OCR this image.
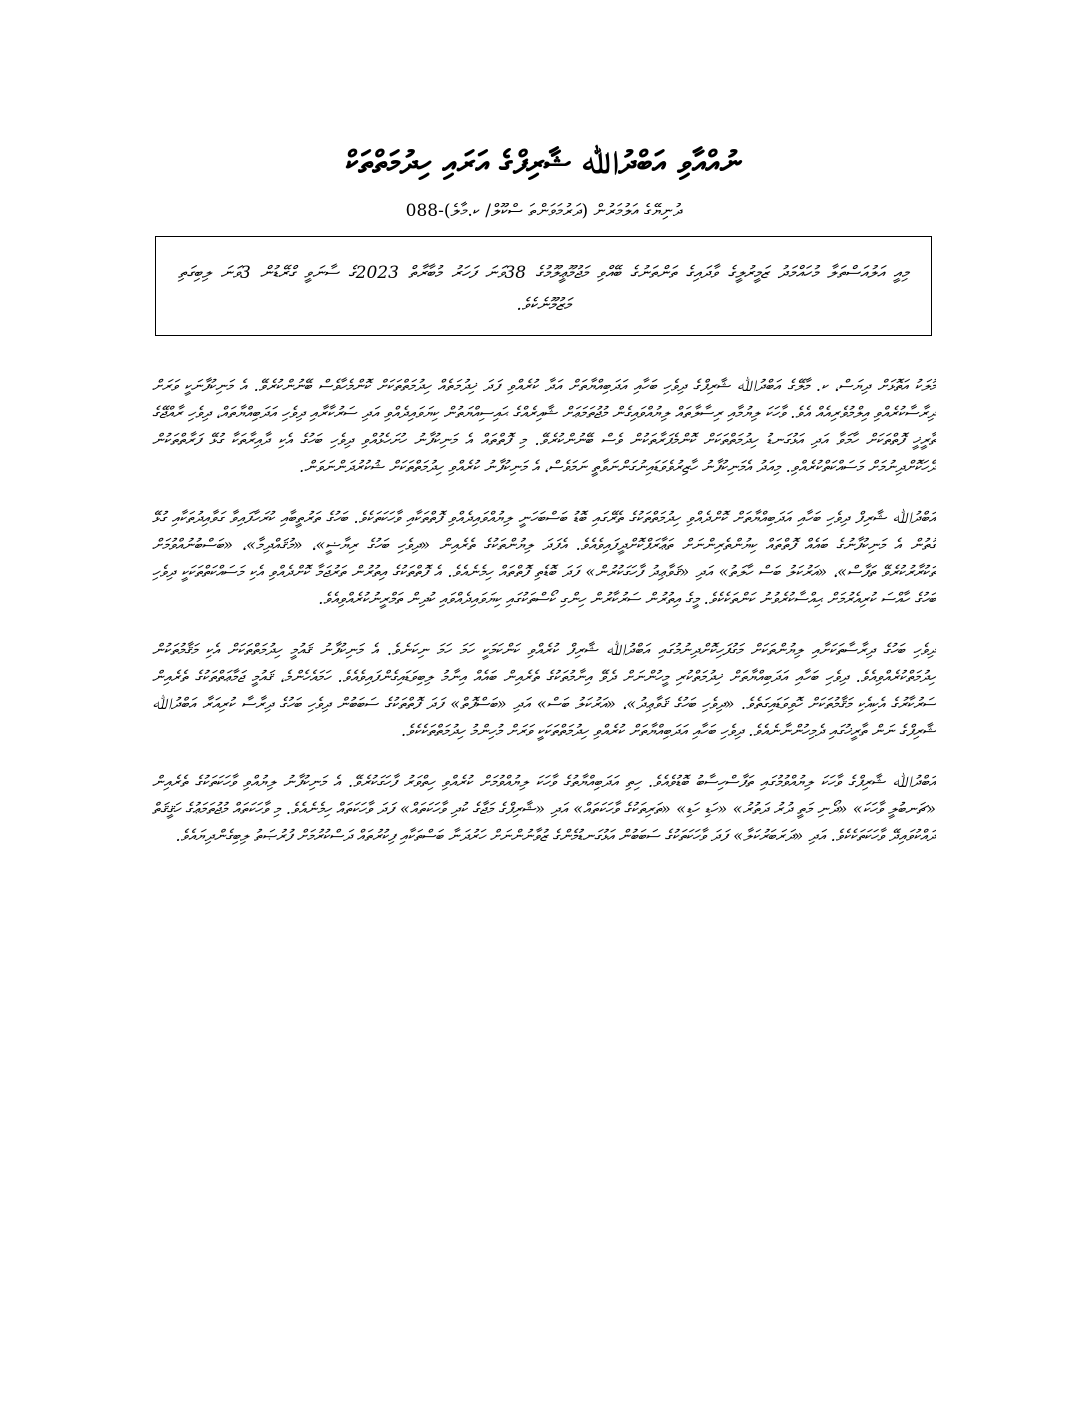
ނުއްއާވި އަބްދުﷲ ޝާރިފްގެ އަރައި ހިދުމަތްތަކް
ދުނިޔޭގެ އަލުމަރުން (ދަރުމަވަންތަ ސްކޫލް/ ކ.މާލެ)-088
މިއީ އަލުއަސްތަލާ މުހައްމަދު ޒަމީރުލީގެ ވާދައިގެ ތަންތަނުގެ ބޭއްވި މަޖުމޫޢީލޫމުގެ 38ވަނަ ފަހަރު މުބާރާތް 2023ގެ ސާނަވީ ގްރޭޑުން 3ވަނަ ލިބިގަތި މަޒުމޫނެކެވެ.

މުލަކު އަތޮޅަށް ދިޔަސް، ކ. މާލޭގެ އަބްދުﷲ ޝާރިފްގެ ދިވެހި ބަހާއި އަދަބިއްޔާތަށް އަދާ ކުރެއްވި ފަދަ ޚިދުމަތެއް ހިދުމަތްތަކަށް ކޮންމެހާވެސް ބޭނުންކުރެވޭ. އެ މަނިކުފާނަކީ ވަރަށް ދިރާސާކުރެއްވި އިލްމުވެރިއެއް އެވެ. ވާހަކަ ލިޔުމާއި ރިސާލާތައް ލިޔުއްވައިގެން މުޖުތަމަޢަށް ޝާއިރެއްގެ ޙައިސިއްޔަތުން ކިޔަވައިދެއްވި އަދި ސަރުކާރާއި ދިވެހި އަދަބިއްޔާތައް، ދިވެހި ރާއްޖޭގެ ތާރީޚީ ފޮތްތަކަށް ހާމަވާ އަދި އަޅުގަނޑު ހިދުމަތްތަކަށް ކޮންމެފަރާތަކުން ވެސް ބޭނުންކުރެވޭ. މި ފޮތްތައް އެ މަނިކުފާނު ހުށަހެޅުއްވި ދިވެހި ބަހުގެ އެކި ދާއިރާތަކާ ގުޅޭ ފަރާތްތަކުން ދޭހަކޮށްދިނުމަށް މަސައްކަތްކުރެއްވި. މިއަދު އެމަނިކުފާނު ހާޒިރުވެވަޑައިނުގަންނަވާތީ ނަމަވެސް، އެ މަނިކުފާނު ކުރެއްވި ހިދުމަތްތަކަށް ޝުކުރުދަންނަވަން.

އަބްދުﷲ ޝާރިފް ދިވެހި ބަހާއި އަދަބިއްޔާތަށް ކޮށްދެއްވި ހިދުމަތްތަކުގެ ތެރޭގައި ބޮޑު ބަސްބަހަނީ ލިޔުއްވައިދެއްވި ފޮތްތަކާއި ވާހަކަތަކެވެ. ބަހުގެ ތަރުތީބާއި ކުރަހާފައިވާ ގަވާއިދުތަކާއި ގުޅޭ ގޮތުން އެ މަނިކުފާނުގެ ބައެއް ފޮތްތައް ކިޔުންތެރިންނަށް ތަޢާރަފްކޮށްދީފައިވެއެވެ. އެފަދަ ލިޔުންތަކުގެ ތެރެއިން «ދިވެހި ބަހުގެ ރިޔާޟީ»، «މުޤައްދިމާ»، «ބަސްބުނުއްވުމަށް ތަކުރާރުކުރެވޭ ތަފާސް»، «އަރުކަލު ބަސް ހާލަތު» އަދި «ޤަވާޢިދު ފާހަގަކުރުން» ފަދަ ބޮޑެތި ފޮތްތައް ހިމެނެއެވެ. އެ ފޮތްތަކުގެ އިތުރުން ތަރުޖަމާ ކޮށްދެއްވި އެކި މަސައްކަތްތަކަކީ ދިވެހި ބަހުގެ ހާއްސަ ކުރިއެރުމަށް ޙިއްސާކުރެވުނު ކަންތަކެކެވެ. މީގެ އިތުރުން ސަރުކާރުން ހިންގި ކޯސްތަކުގައި ކިޔަވައިދެއްވައި ކުދިން ތަމްރީނުކުރެއްވިއެވެ.

ދިވެހި ބަހުގެ ދިރާސާތަކަށާއި ލިޔުންތަކަށް މަގުފަހިކޮށްދިނުމުގައި އަބްދުﷲ ޝާރިފް ކުރެއްވި ކަންކަމަކީ ހަމަ ހަމަ ނިކަނެވެ. އެ މަނިކުފާނު ޤައުމީ ހިދުމަތްތަކަށް އެކި މަޤާމުތަކުން ހިދުމަތްކުރެއްވިއެވެ. ދިވެހި ބަހާއި އަދަބިއްޔާތަށް ޚިދުމަތްކުރި މީހުންނަށް ދެވޭ އިނާމުތަކުގެ ތެރެއިން ބައެއް އިނާމު ލިބިވަޑައިގެންފައިވެއެވެ. ހަމައެހެންމެ، ޤައުމީ ޖަމާޢަތްތަކުގެ ތެރެއިން ސަރުކާރުގެ އެކިއެކި މަޤާމުތަކަށް ހޮވިވަޑައިގަތެވެ. «ދިވެހި ބަހުގެ ޤަވާޢިދު»، «އަރުކަލު ބަސް» އަދި «ބަސްފޮތް» ފަދަ ފޮތްތަކުގެ ސަބަބުން ދިވެހި ބަހުގެ ދިރާސާ ކުރިއަރާ އަބްދުﷲ ޝާރިފްގެ ނަން ތާރީޚުގައި ދެމިހުންނާނެއެވެ. ދިވެހި ބަހާއި އަދަބިއްޔާތަށް ކުރެއްވި ހިދުމަތްތަކަކީ ވަރަށް މުހިންމު ހިދުމަތްތަކެކެވެ.

އަބްދުﷲ ޝާރިފްގެ ވާހަކަ ލިޔުއްވުމުގައި ތަފާސްހިސާބު ބޮޑުވެއެވެ. ހިތި އަދަބިއްޔާތުގެ ވާހަކަ ލިޔުއްވުމަށް ކުރެއްވި ހިތްވަރު ފާހަގަކުރެވޭ. އެ މަނިކުފާނު ލިޔުއްވި ވާހަކަތަކުގެ ތެރެއިން «ޗަނބުލީ ވާހަކަ» «ދޯނި މަތީ ދުރު ދަތުރު» «ހަޑި ހަޑި» «ތަރިތަކުގެ ވާހަކަތައް» އަދި «ޝާރިފްގެ މަޖާގެ ކުދި ވާހަކަތައް» ފަދަ ވާހަކަތައް ހިމެނެއެވެ. މި ވާހަކަތައް މުޖުތަމަޢުގެ ހަޤީޤަތް ދައްކުވައިދޭ ވާހަކަތަކެކެވެ. އަދި «ދަރަބަރުކަލާ» ފަދަ ވާހަކަތަކުގެ ސަބަބުން އަޅުގަނޑުމެންގެ ޒުވާނުންނަށް ހަރުދަނާ ބަސްތަކާއި ފިކުރުތައް ދަސްކުރުމަށް ފުރުޞަތު ލިބިގެންދިޔައެވެ.
